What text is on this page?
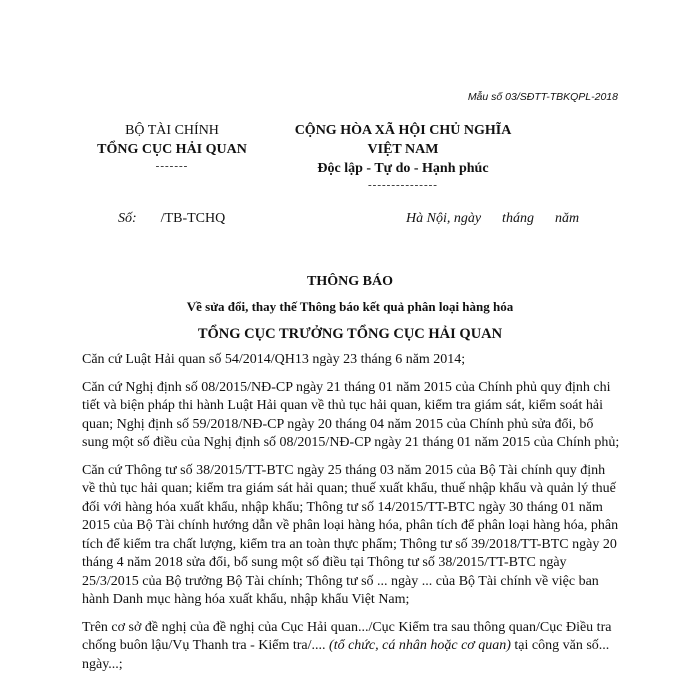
Mẫu số 03/SĐTT-TBKQPL-2018
BỘ TÀI CHÍNH
TỔNG CỤC HẢI QUAN
-------
CỘNG HÒA XÃ HỘI CHỦ NGHĨA VIỆT NAM
Độc lập - Tự do - Hạnh phúc
---------------
Số: /TB-TCHQ	Hà Nội, ngày      tháng      năm
THÔNG BÁO
Về sửa đổi, thay thế Thông báo kết quả phân loại hàng hóa
TỔNG CỤC TRƯỞNG TỔNG CỤC HẢI QUAN

Căn cứ Luật Hải quan số 54/2014/QH13 ngày 23 tháng 6 năm 2014;

Căn cứ Nghị định số 08/2015/NĐ-CP ngày 21 tháng 01 năm 2015 của Chính phủ quy định chi tiết và biện pháp thi hành Luật Hải quan về thủ tục hải quan, kiểm tra giám sát, kiểm soát hải quan; Nghị định số 59/2018/NĐ-CP ngày 20 tháng 04 năm 2015 của Chính phủ sửa đổi, bổ sung một số điều của Nghị định số 08/2015/NĐ-CP ngày 21 tháng 01 năm 2015 của Chính phủ;

Căn cứ Thông tư số 38/2015/TT-BTC ngày 25 tháng 03 năm 2015 của Bộ Tài chính quy định về thủ tục hải quan; kiểm tra giám sát hải quan; thuế xuất khẩu, thuế nhập khẩu và quản lý thuế đối với hàng hóa xuất khẩu, nhập khẩu; Thông tư số 14/2015/TT-BTC ngày 30 tháng 01 năm 2015 của Bộ Tài chính hướng dẫn về phân loại hàng hóa, phân tích để phân loại hàng hóa, phân tích để kiểm tra chất lượng, kiểm tra an toàn thực phẩm; Thông tư số 39/2018/TT-BTC ngày 20 tháng 4 năm 2018 sửa đổi, bổ sung một số điều tại Thông tư số 38/2015/TT-BTC ngày 25/3/2015 của Bộ trưởng Bộ Tài chính; Thông tư số ... ngày ... của Bộ Tài chính về việc ban hành Danh mục hàng hóa xuất khẩu, nhập khẩu Việt Nam;

Trên cơ sở đề nghị của đề nghị của Cục Hải quan.../Cục Kiểm tra sau thông quan/Cục Điều tra chống buôn lậu/Vụ Thanh tra - Kiểm tra/.... (tổ chức, cá nhân hoặc cơ quan) tại công văn số... ngày...;
